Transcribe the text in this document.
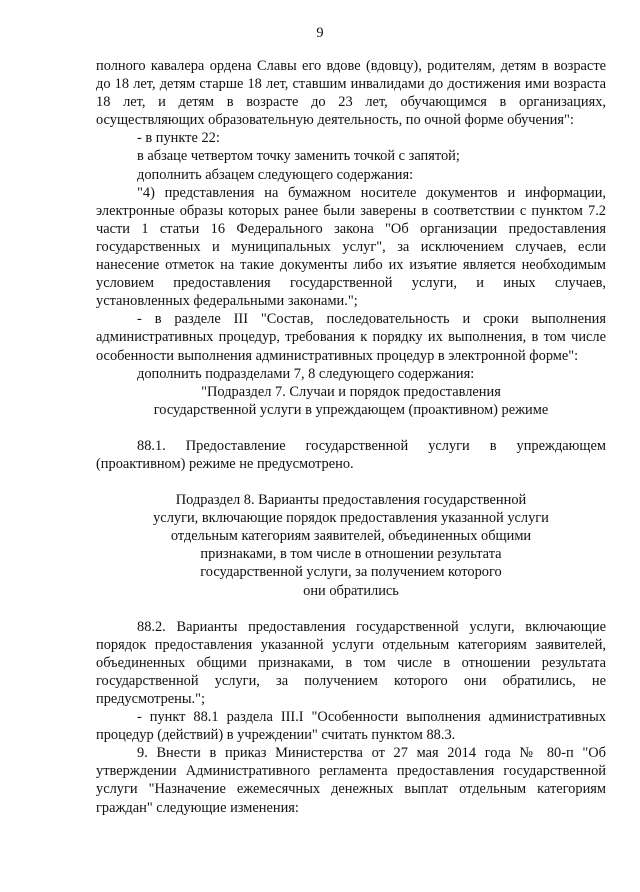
9

полного кавалера ордена Славы его вдове (вдовцу), родителям, детям в возрасте до 18 лет, детям старше 18 лет, ставшим инвалидами до достижения ими возраста 18 лет, и детям в возрасте до 23 лет, обучающимся в организациях, осуществляющих образовательную деятельность, по очной форме обучения":

- в пункте 22:

в абзаце четвертом точку заменить точкой с запятой;

дополнить абзацем следующего содержания:

"4) представления на бумажном носителе документов и информации, электронные образы которых ранее были заверены в соответствии с пунктом 7.2 части 1 статьи 16 Федерального закона "Об организации предоставления государственных и муниципальных услуг", за исключением случаев, если нанесение отметок на такие документы либо их изъятие является необходимым условием предоставления государственной услуги, и иных случаев, установленных федеральными законами.";

- в разделе III "Состав, последовательность и сроки выполнения административных процедур, требования к порядку их выполнения, в том числе особенности выполнения административных процедур в электронной форме":

дополнить подразделами 7, 8 следующего содержания:

"Подраздел 7. Случаи и порядок предоставления

государственной услуги в упреждающем (проактивном) режиме

88.1. Предоставление государственной услуги в упреждающем (проактивном) режиме не предусмотрено.

Подраздел 8. Варианты предоставления государственной

услуги, включающие порядок предоставления указанной услуги

отдельным категориям заявителей, объединенных общими

признаками, в том числе в отношении результата

государственной услуги, за получением которого

они обратились

88.2. Варианты предоставления государственной услуги, включающие порядок предоставления указанной услуги отдельным категориям заявителей, объединенных общими признаками, в том числе в отношении результата государственной услуги, за получением которого они обратились, не предусмотрены.";

- пункт 88.1 раздела III.I "Особенности выполнения административных процедур (действий) в учреждении" считать пунктом 88.3.

9. Внести в приказ Министерства от 27 мая 2014 года № 80-п "Об утверждении Административного регламента предоставления государственной услуги "Назначение ежемесячных денежных выплат отдельным категориям граждан" следующие изменения:
